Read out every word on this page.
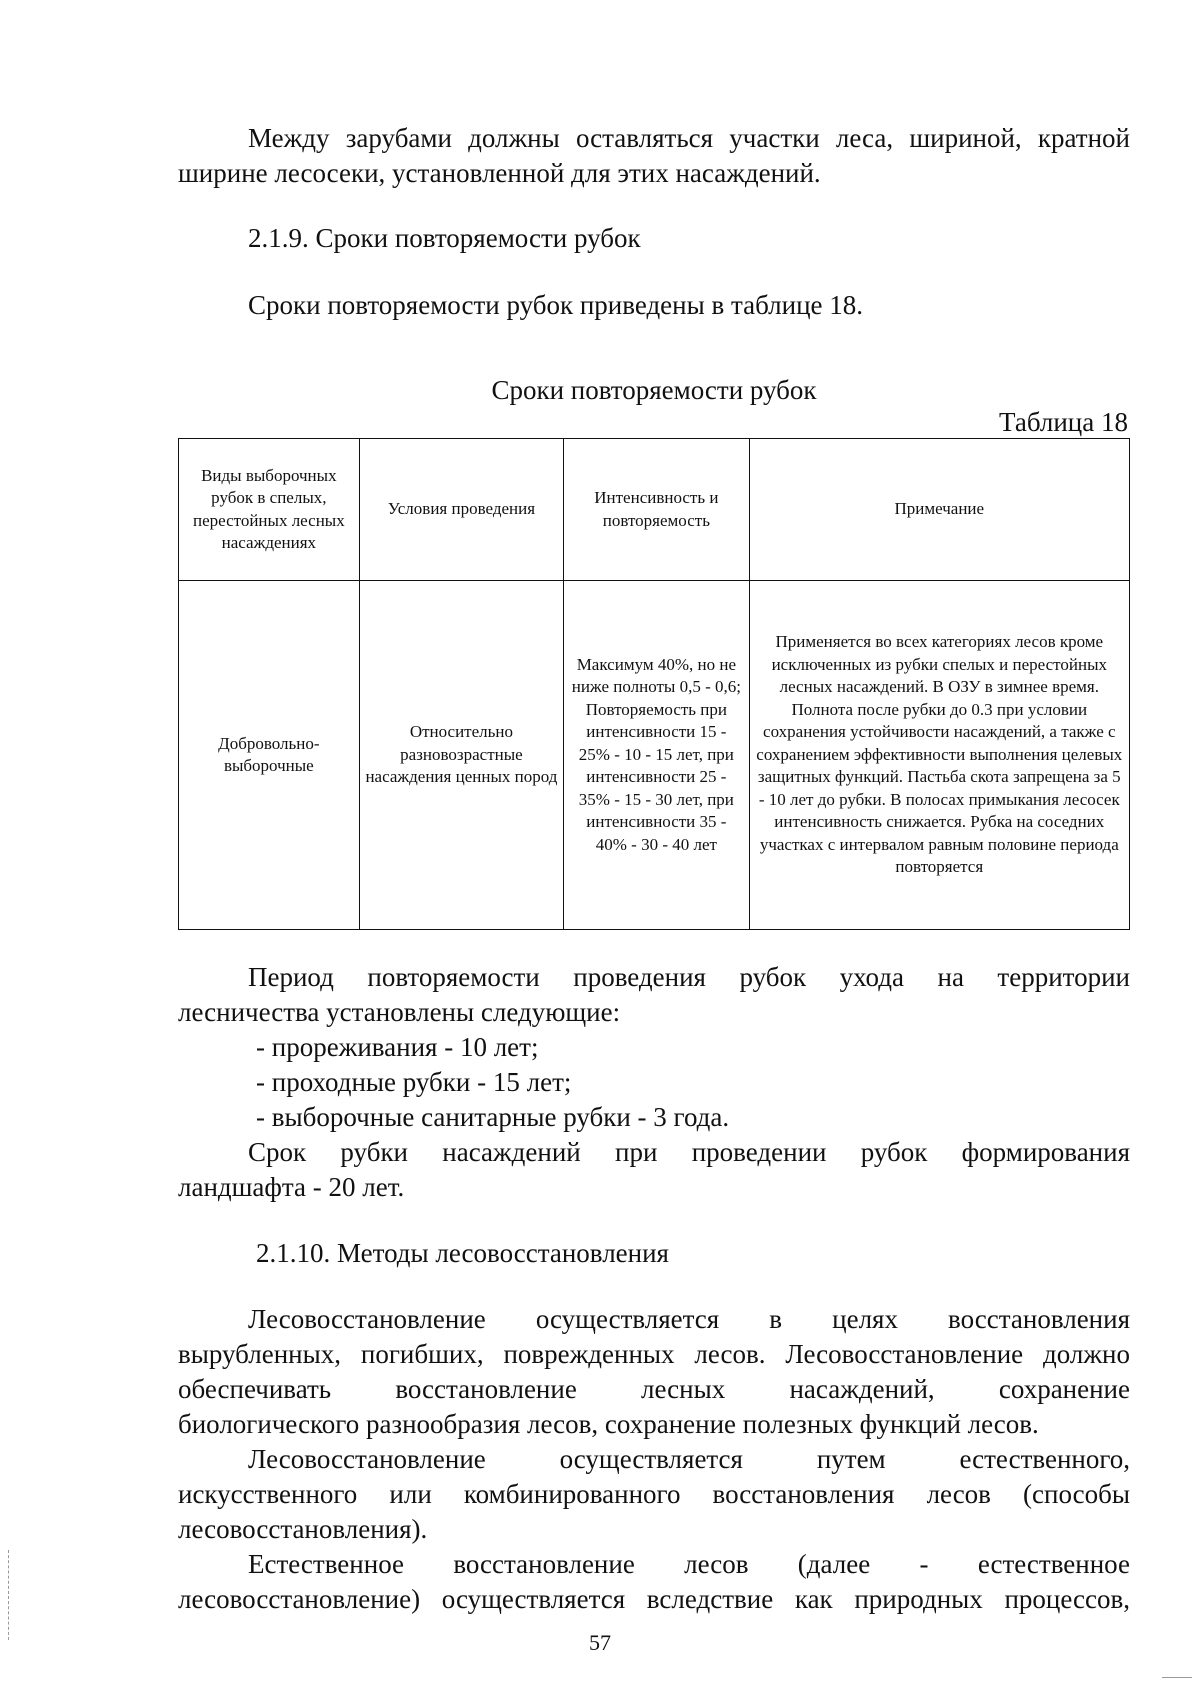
Между зарубами должны оставляться участки леса, шириной, кратной

ширине лесосеки, установленной для этих насаждений.

2.1.9. Сроки повторяемости рубок

Сроки повторяемости рубок приведены в таблице 18.

Сроки повторяемости рубок

Таблица 18

Виды выборочных рубок в спелых, перестойных лесных насаждениях	Условия проведения	Интенсивность и повторяемость	Примечание
Добровольно-выборочные	Относительно разновозрастные насаждения ценных пород	Максимум 40%, но не ниже полноты 0,5 - 0,6; Повторяемость при интенсивности 15 - 25% - 10 - 15 лет, при интенсивности 25 - 35% - 15 - 30 лет, при интенсивности 35 - 40% - 30 - 40 лет	Применяется во всех категориях лесов кроме исключенных из рубки спелых и перестойных лесных насаждений. В ОЗУ в зимнее время. Полнота после рубки до 0.3 при условии сохранения устойчивости насаждений, а также с сохранением эффективности выполнения целевых защитных функций. Пастьба скота запрещена за 5 - 10 лет до рубки. В полосах примыкания лесосек интенсивность снижается. Рубка на соседних участках с интервалом равным половине периода повторяется

Период повторяемости проведения рубок ухода на территории

лесничества установлены следующие:

- прореживания - 10 лет;

- проходные рубки - 15 лет;

- выборочные санитарные рубки - 3 года.

Срок рубки насаждений при проведении рубок формирования

ландшафта - 20 лет.

2.1.10. Методы лесовосстановления

Лесовосстановление осуществляется в целях восстановления

вырубленных, погибших, поврежденных лесов. Лесовосстановление должно

обеспечивать восстановление лесных насаждений, сохранение

биологического разнообразия лесов, сохранение полезных функций лесов.

Лесовосстановление осуществляется путем естественного,

искусственного или комбинированного восстановления лесов (способы

лесовосстановления).

Естественное восстановление лесов (далее - естественное

лесовосстановление) осуществляется вследствие как природных процессов,

57
